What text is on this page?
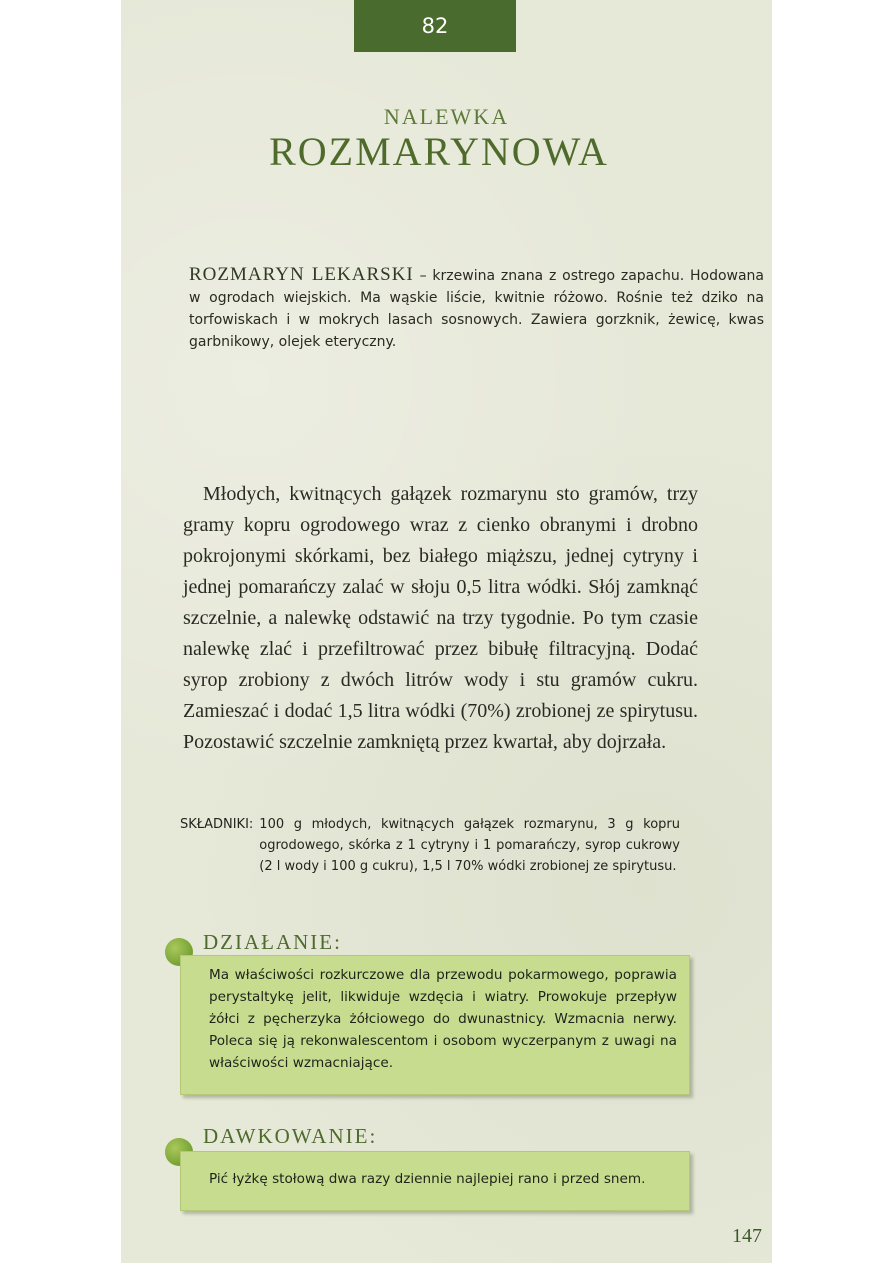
82
NALEWKA
ROZMARYNOWA
ROZMARYN LEKARSKI – krzewina znana z ostrego zapachu. Hodowana w ogrodach wiejskich. Ma wąskie liście, kwitnie różowo. Rośnie też dziko na torfowiskach i w mokrych lasach sosnowych. Zawiera gorzknik, żewicę, kwas garbnikowy, olejek eteryczny.
Młodych, kwitnących gałązek rozmarynu sto gramów, trzy gramy kopru ogrodowego wraz z cienko obranymi i drobno pokrojonymi skórkami, bez białego miąższu, jednej cytryny i jednej pomarańczy zalać w słoju 0,5 litra wódki. Słój zamknąć szczelnie, a nalewkę odstawić na trzy tygodnie. Po tym czasie nalewkę zlać i przefiltrować przez bibułę filtracyjną. Dodać syrop zrobiony z dwóch litrów wody i stu gramów cukru. Zamieszać i dodać 1,5 litra wódki (70%) zrobionej ze spirytusu. Pozostawić szczelnie zamkniętą przez kwartał, aby dojrzała.
SKŁADNIKI: 100 g młodych, kwitnących gałązek rozmarynu, 3 g kopru ogrodowego, skórka z 1 cytryny i 1 pomarańczy, syrop cukrowy (2 l wody i 100 g cukru), 1,5 l 70% wódki zrobionej ze spirytusu.
DZIAŁANIE:
Ma właściwości rozkurczowe dla przewodu pokarmowego, poprawia perystaltykę jelit, likwiduje wzdęcia i wiatry. Prowokuje przepływ żółci z pęcherzyka żółciowego do dwunastnicy. Wzmacnia nerwy. Poleca się ją rekonwalescentom i osobom wyczerpanym z uwagi na właściwości wzmacniające.
DAWKOWANIE:
Pić łyżkę stołową dwa razy dziennie najlepiej rano i przed snem.
147
